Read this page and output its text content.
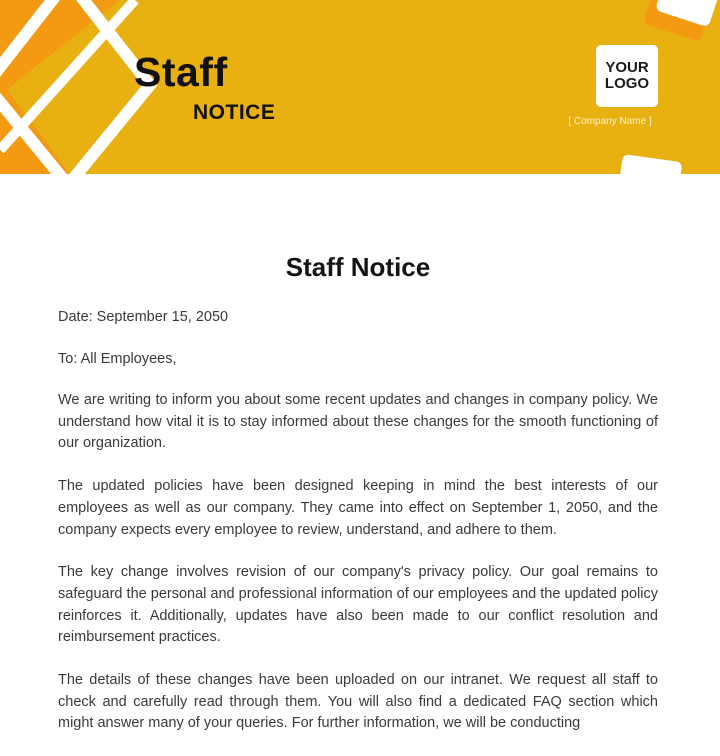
Staff
NOTICE
YOUR
LOGO
[ Company Name ]
Staff Notice

Date: September 15, 2050

To: All Employees,

We are writing to inform you about some recent updates and changes in company policy. We understand how vital it is to stay informed about these changes for the smooth functioning of our organization.

The updated policies have been designed keeping in mind the best interests of our employees as well as our company. They came into effect on September 1, 2050, and the company expects every employee to review, understand, and adhere to them.

The key change involves revision of our company's privacy policy. Our goal remains to safeguard the personal and professional information of our employees and the updated policy reinforces it. Additionally, updates have also been made to our conflict resolution and reimbursement practices.

The details of these changes have been uploaded on our intranet. We request all staff to check and carefully read through them. You will also find a dedicated FAQ section which might answer many of your queries. For further information, we will be conducting
